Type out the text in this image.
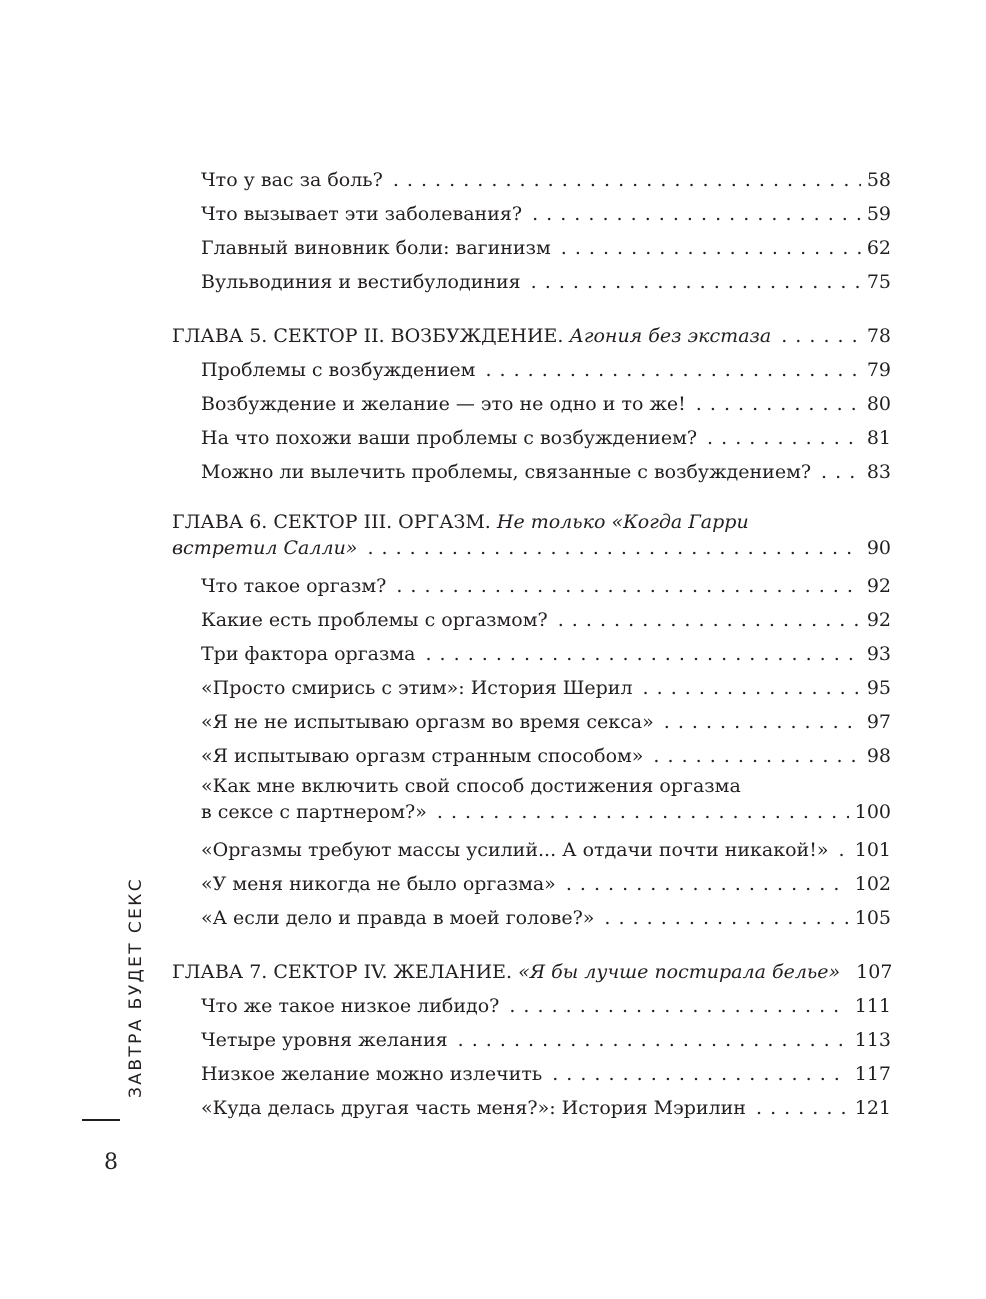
Что у вас за боль? . . .	58
Что вызывает эти заболевания? . . .	59
Главный виновник боли: вагинизм . . .	62
Вульводиния и вестибулодиния . . .	75
ГЛАВА 5. СЕКТОР II. ВОЗБУЖДЕНИЕ. Агония без экстаза . . .	78
Проблемы с возбуждением . . .	79
Возбуждение и желание — это не одно и то же! . . .	80
На что похожи ваши проблемы с возбуждением? . . .	81
Можно ли вылечить проблемы, связанные с возбуждением? . . .	83
ГЛАВА 6. СЕКТОР III. ОРГАЗМ. Не только «Когда Гарри
встретил Салли» . . .	90
Что такое оргазм? . . .	92
Какие есть проблемы с оргазмом? . . .	92
Три фактора оргазма . . .	93
«Просто смирись с этим»: История Шерил . . .	95
«Я не не испытываю оргазм во время секса» . . .	97
«Я испытываю оргазм странным способом» . . .	98
«Как мне включить свой способ достижения оргазма
в сексе с партнером?» . . .	100
«Оргазмы требуют массы усилий... А отдачи почти никакой!» . . . 101
«У меня никогда не было оргазма» . . .	102
«А если дело и правда в моей голове?» . . .	105
ГЛАВА 7. СЕКТОР IV. ЖЕЛАНИЕ. «Я бы лучше постирала белье» 107
Что же такое низкое либидо? . . .	111
Четыре уровня желания . . .	113
Низкое желание можно излечить . . .	117
«Куда делась другая часть меня?»: История Мэрилин . . .	121
ЗАВТРА БУДЕТ СЕКС
8
